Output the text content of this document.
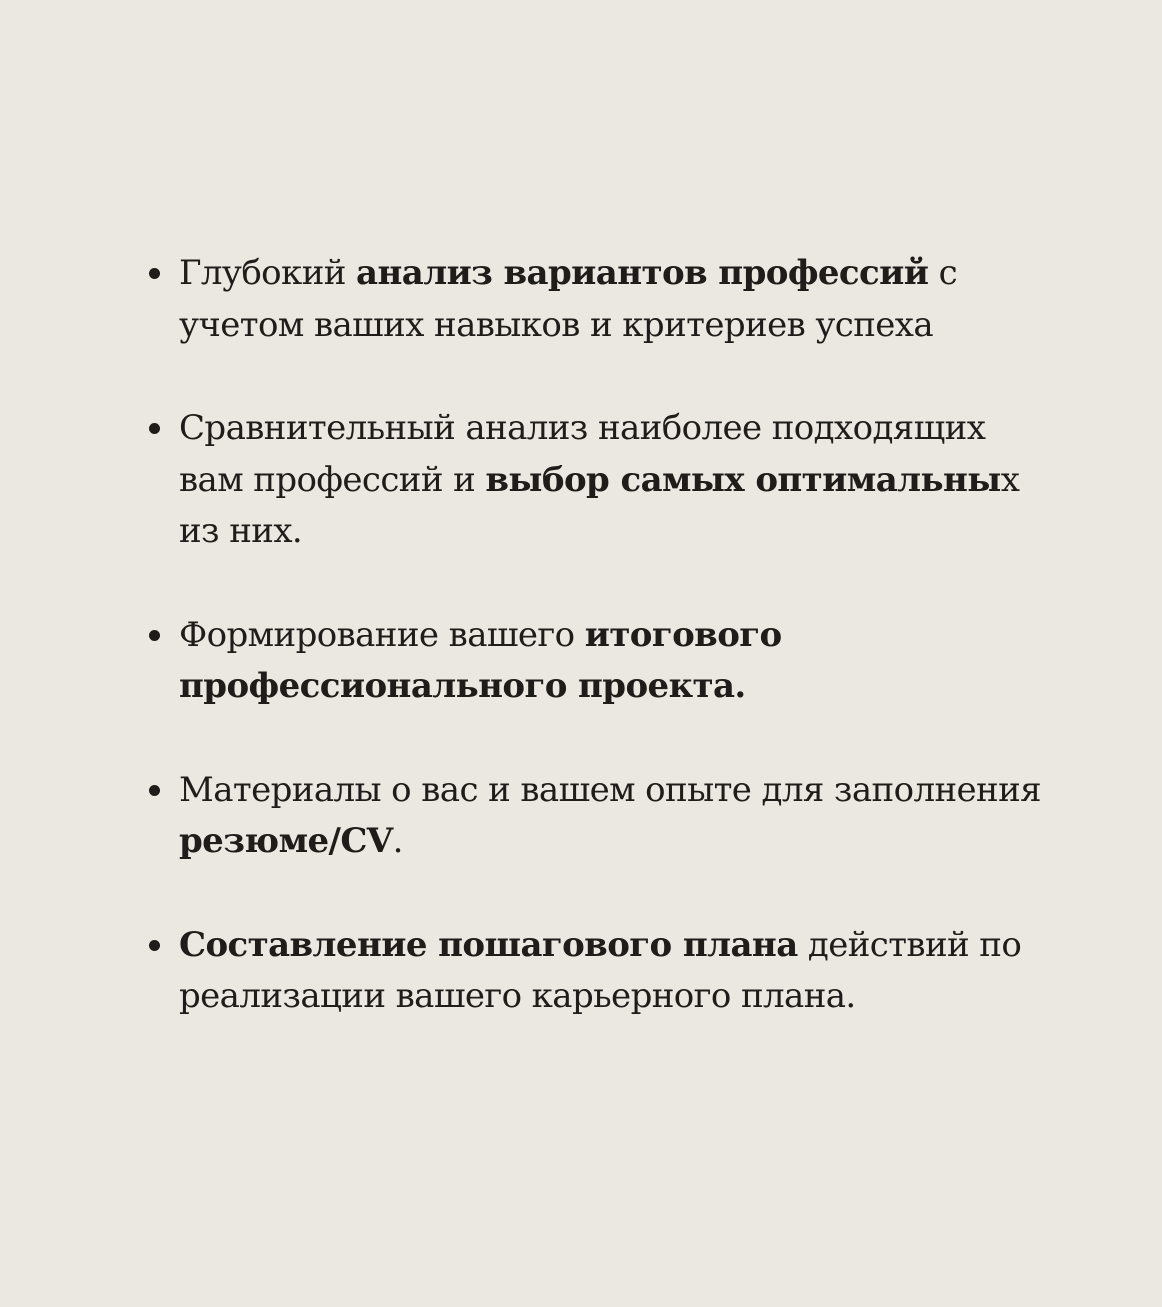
Глубокий анализ вариантов профессий с учетом ваших навыков и критериев успеха
Сравнительный анализ наиболее подходящих вам профессий и выбор самых оптимальных из них.
Формирование вашего итогового профессионального проекта.
Материалы о вас и вашем опыте для заполнения резюме/CV.
Составление пошагового плана действий по реализации вашего карьерного плана.
